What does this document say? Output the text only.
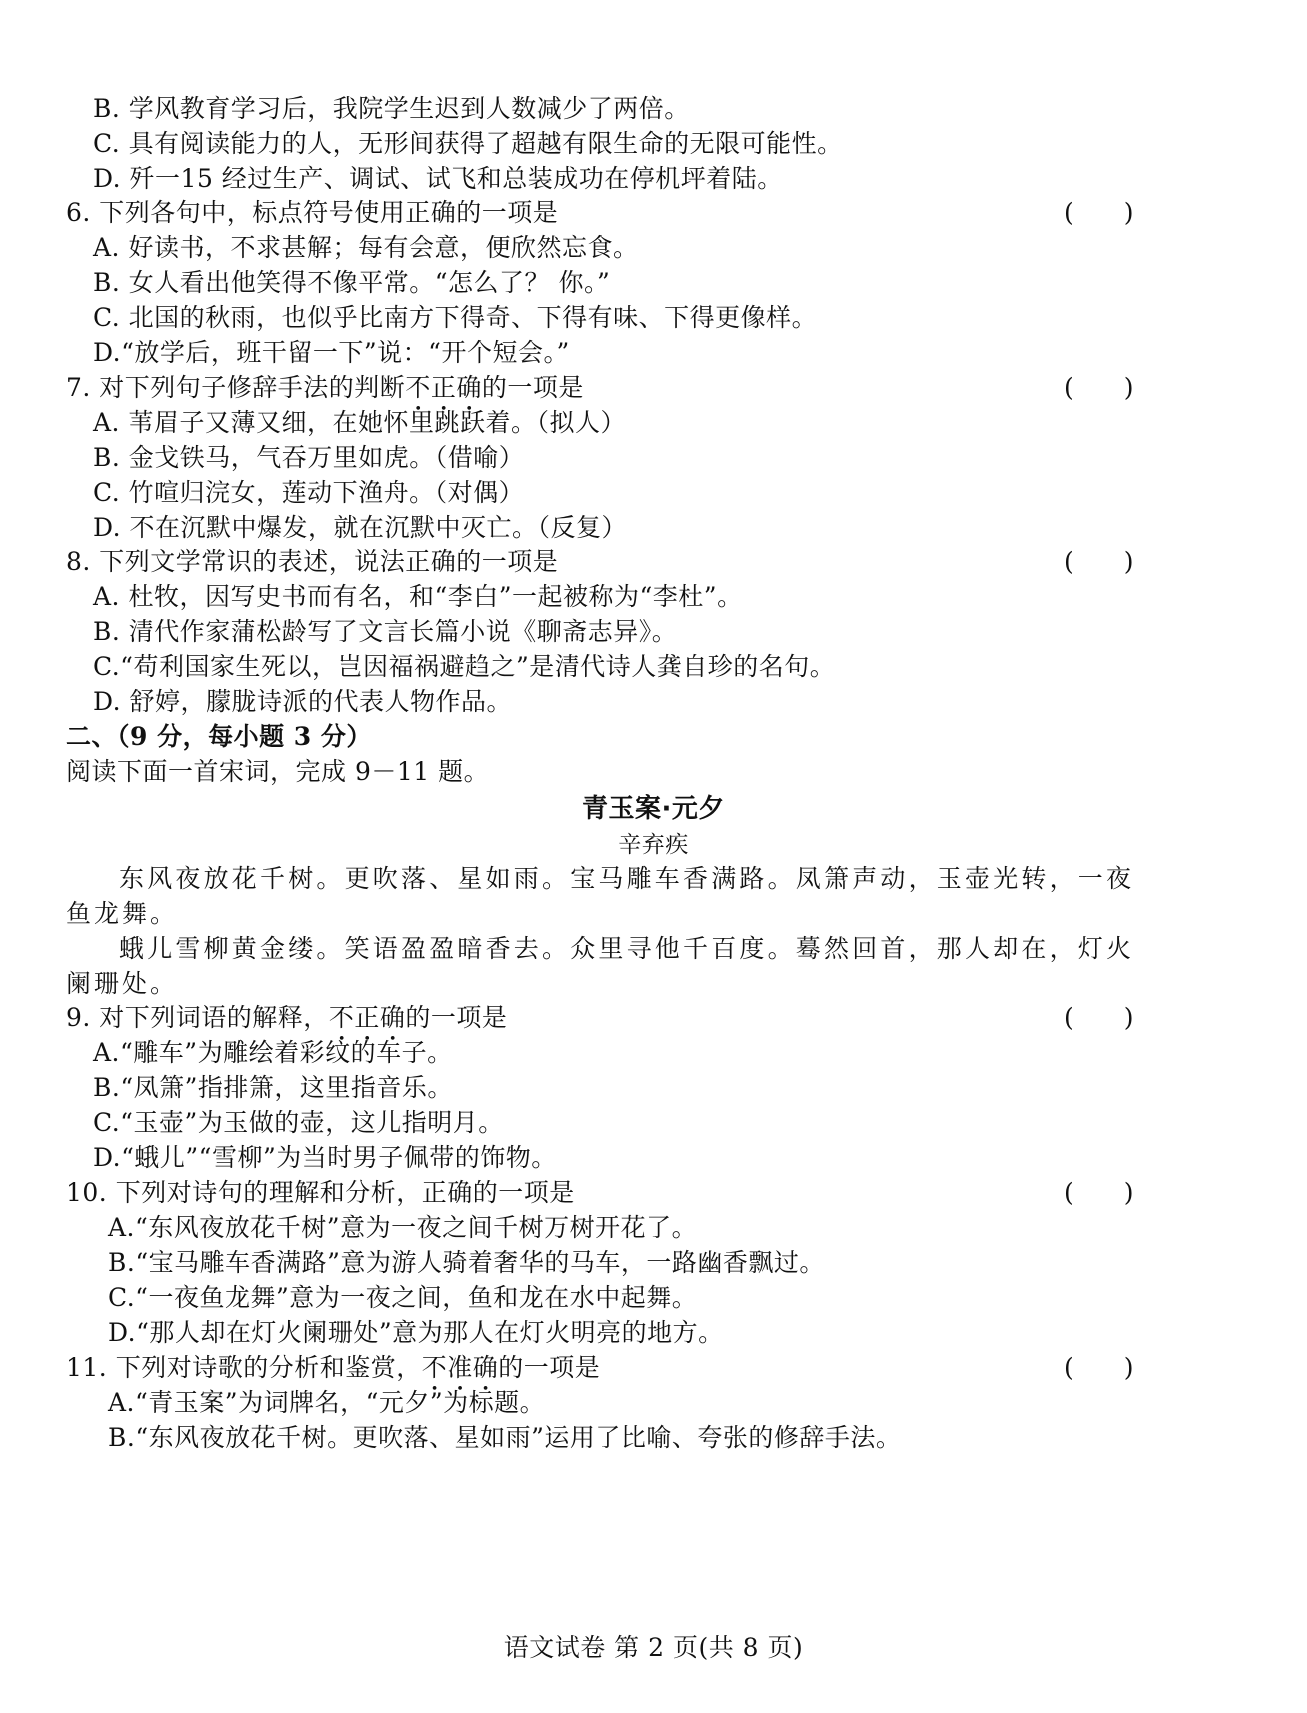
B. 学风教育学习后，我院学生迟到人数减少了两倍。
C. 具有阅读能力的人，无形间获得了超越有限生命的无限可能性。
D. 歼一15 经过生产、调试、试飞和总装成功在停机坪着陆。
6. 下列各句中，标点符号使用正确的一项是	(　　)
A. 好读书，不求甚解；每有会意，便欣然忘食。
B. 女人看出他笑得不像平常。“怎么了？ 你。”
C. 北国的秋雨，也似乎比南方下得奇、下得有味、下得更像样。
D.“放学后，班干留一下”说：“开个短会。”
7. 对下列句子修辞手法的判断不正确的一项是	(　　)
A. 苇眉子又薄又细，在她怀里跳跃着。（拟人）
B. 金戈铁马，气吞万里如虎。（借喻）
C. 竹喧归浣女，莲动下渔舟。（对偶）
D. 不在沉默中爆发，就在沉默中灭亡。（反复）
8. 下列文学常识的表述，说法正确的一项是	(　　)
A. 杜牧，因写史书而有名，和“李白”一起被称为“李杜”。
B. 清代作家蒲松龄写了文言长篇小说《聊斋志异》。
C.“苟利国家生死以，岂因福祸避趋之”是清代诗人龚自珍的名句。
D. 舒婷，朦胧诗派的代表人物作品。
二、（9 分，每小题 3 分）
阅读下面一首宋词，完成 9－11 题。
青玉案·元夕
辛弃疾
东风夜放花千树。更吹落、星如雨。宝马雕车香满路。凤箫声动，玉壶光转，一夜
鱼龙舞。
蛾儿雪柳黄金缕。笑语盈盈暗香去。众里寻他千百度。蓦然回首，那人却在，灯火
阑珊处。
9. 对下列词语的解释，不正确的一项是	(　　)
A.“雕车”为雕绘着彩纹的车子。
B.“凤箫”指排箫，这里指音乐。
C.“玉壶”为玉做的壶，这儿指明月。
D.“蛾儿”“雪柳”为当时男子佩带的饰物。
10. 下列对诗句的理解和分析，正确的一项是	(　　)
A.“东风夜放花千树”意为一夜之间千树万树开花了。
B.“宝马雕车香满路”意为游人骑着奢华的马车，一路幽香飘过。
C.“一夜鱼龙舞”意为一夜之间，鱼和龙在水中起舞。
D.“那人却在灯火阑珊处”意为那人在灯火明亮的地方。
11. 下列对诗歌的分析和鉴赏，不准确的一项是	(　　)
A.“青玉案”为词牌名，“元夕”为标题。
B.“东风夜放花千树。更吹落、星如雨”运用了比喻、夸张的修辞手法。
语文试卷 第 2 页(共 8 页)
